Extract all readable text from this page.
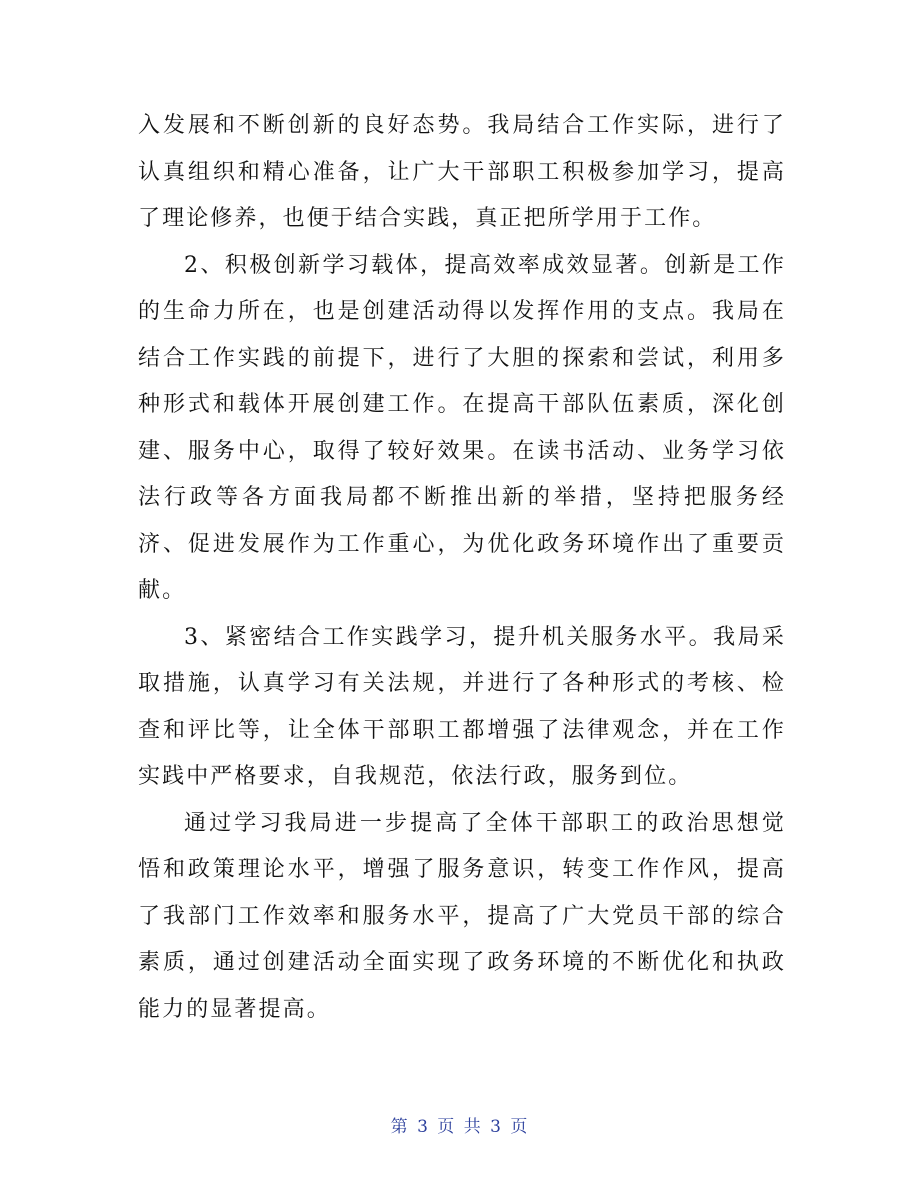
入发展和不断创新的良好态势。我局结合工作实际，进行了认真组织和精心准备，让广大干部职工积极参加学习，提高了理论修养，也便于结合实践，真正把所学用于工作。

2、积极创新学习载体，提高效率成效显著。创新是工作的生命力所在，也是创建活动得以发挥作用的支点。我局在结合工作实践的前提下，进行了大胆的探索和尝试，利用多种形式和载体开展创建工作。在提高干部队伍素质，深化创建、服务中心，取得了较好效果。在读书活动、业务学习依法行政等各方面我局都不断推出新的举措，坚持把服务经济、促进发展作为工作重心，为优化政务环境作出了重要贡献。

3、紧密结合工作实践学习，提升机关服务水平。我局采取措施，认真学习有关法规，并进行了各种形式的考核、检查和评比等，让全体干部职工都增强了法律观念，并在工作实践中严格要求，自我规范，依法行政，服务到位。

通过学习我局进一步提高了全体干部职工的政治思想觉悟和政策理论水平，增强了服务意识，转变工作作风，提高了我部门工作效率和服务水平，提高了广大党员干部的综合素质，通过创建活动全面实现了政务环境的不断优化和执政能力的显著提高。

第 3 页 共 3 页
